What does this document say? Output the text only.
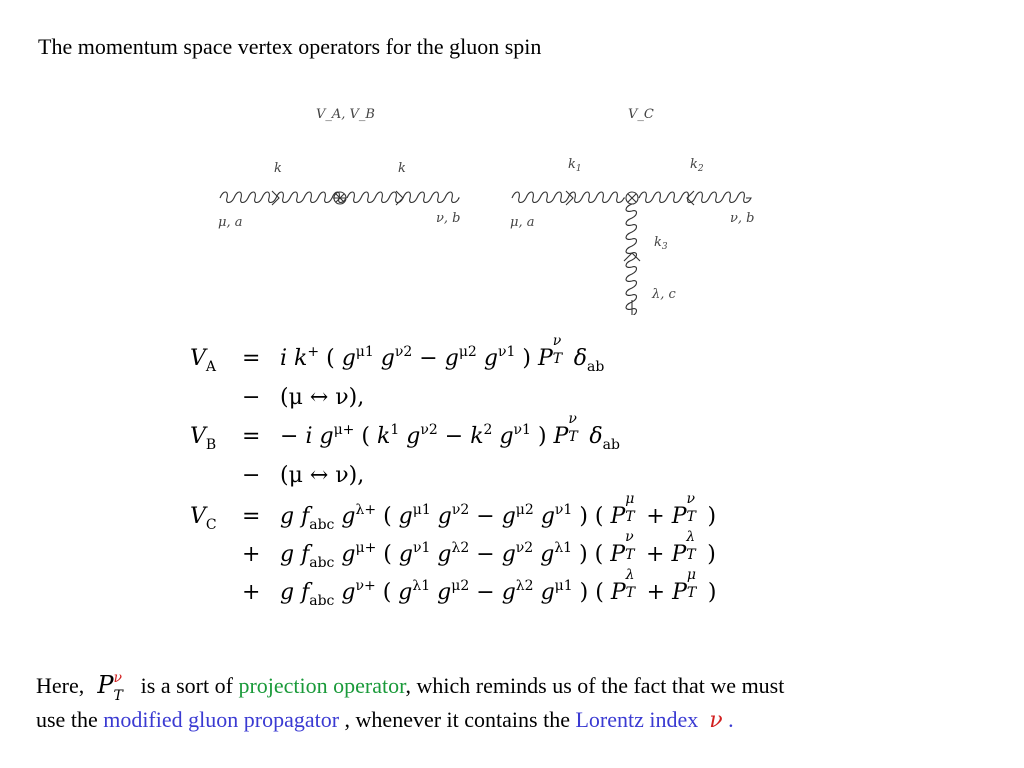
The momentum space vertex operators for the gluon spin
V_A, V_B	V_C
k	k
μ, a	ν, b
$k_1$	$k_2$
μ, a	ν, b
$k_3$
λ, c
$V_A = i$ k+ ( $g^{\mu 1}$ $g^{\nu 2} - g^{\mu 2}$ $g^{\nu 1}$ ) P
ν
T $\delta_{ab}$
− (μ ↔ ν),
$V_B$ = − i $g^{\mu+}$ ( $k^1$ $g^{\nu 2} - k^2$ $g^{\nu 1}$ ) P
ν
T $\delta_{ab}$
− (μ ↔ ν),
$V_C = g$ $f_{abc}$ $g^{\lambda+}$ ( $g^{\mu 1}$ $g^{\nu 2} - g^{\mu 2}$ $g^{\nu 1}$ ) ( P
μ
T + P
ν
T )
+ g $f_{abc}$ $g^{\mu+}$ ( $g^{\nu 1}$ $g^{\lambda 2} - g^{\nu 2}$ $g^{\lambda 1}$ ) ( P
ν
T + P
λ
T )
+ g $f_{abc}$ $g^{\nu+}$ ( $g^{\lambda 1}$ $g^{\mu 2} - g^{\lambda 2}$ $g^{\mu 1}$ ) ( P
λ
T + P
μ
T )
Here,  P ν
T is a sort of projection operator, which reminds us of the fact that we must
use the modified gluon propagator , whenever it contains the Lorentz index ν .
